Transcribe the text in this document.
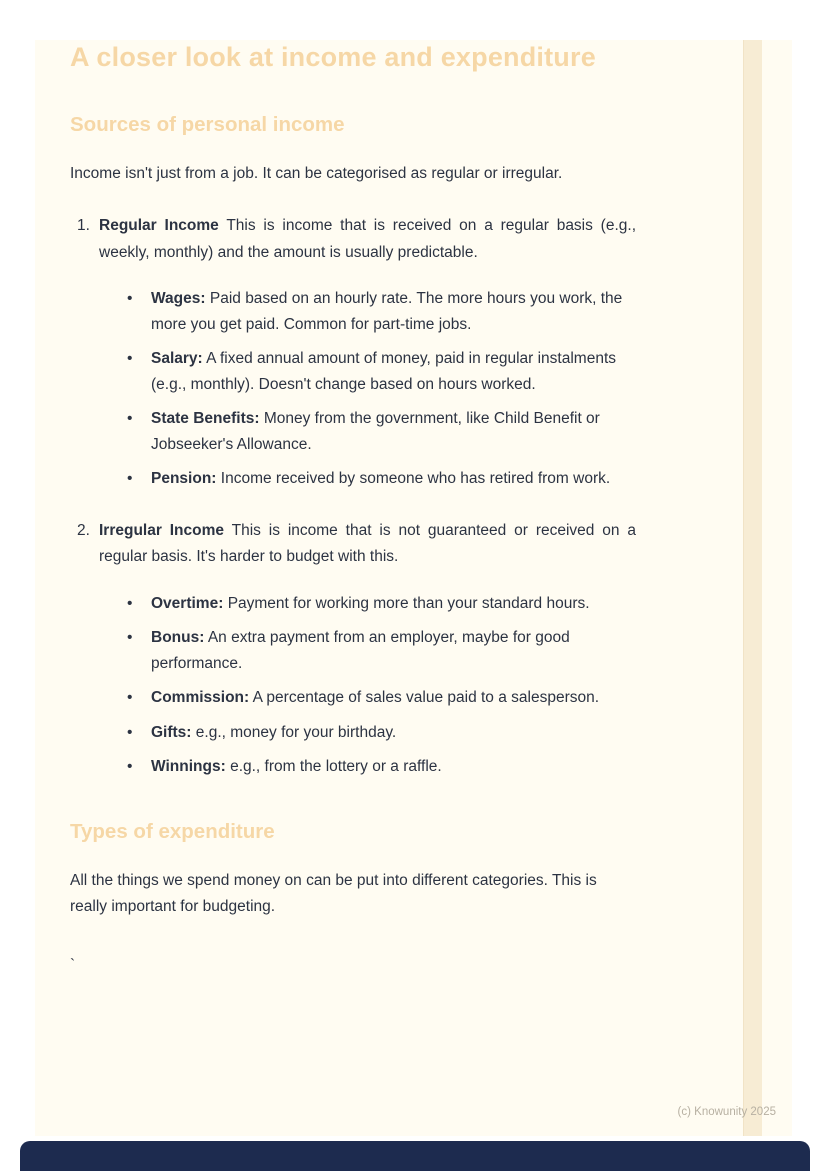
A closer look at income and expenditure
Sources of personal income

Income isn't just from a job. It can be categorised as regular or irregular.

1. Regular Income This is income that is received on a regular basis (e.g., weekly, monthly) and the amount is usually predictable.
•
Wages: Paid based on an hourly rate. The more hours you work, the more you get paid. Common for part-time jobs.
•
Salary: A fixed annual amount of money, paid in regular instalments (e.g., monthly). Doesn't change based on hours worked.
•
State Benefits: Money from the government, like Child Benefit or Jobseeker's Allowance.
•
Pension: Income received by someone who has retired from work.
2. Irregular Income This is income that is not guaranteed or received on a regular basis. It's harder to budget with this.
•
Overtime: Payment for working more than your standard hours.
•
Bonus: An extra payment from an employer, maybe for good performance.
•
Commission: A percentage of sales value paid to a salesperson.
•
Gifts: e.g., money for your birthday.
•
Winnings: e.g., from the lottery or a raffle.
Types of expenditure

All the things we spend money on can be put into different categories. This is really important for budgeting.

`

(c) Knowunity 2025
